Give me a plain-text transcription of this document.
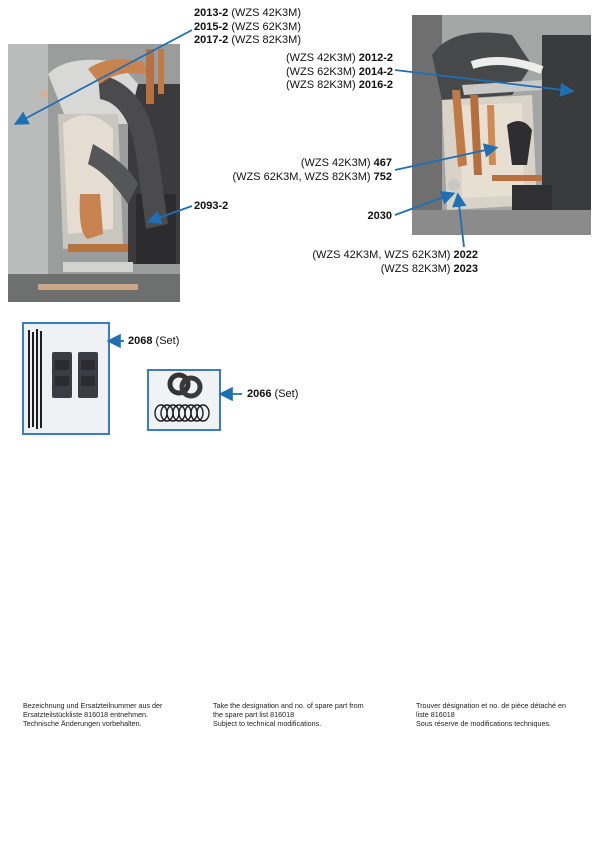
2013-2 (WZS 42K3M)
2015-2 (WZS 62K3M)
2017-2 (WZS 82K3M)
2093-2
(WZS 42K3M) 2012-2
(WZS 62K3M) 2014-2
(WZS 82K3M) 2016-2
(WZS 42K3M) 467
(WZS 62K3M, WZS 82K3M) 752
2030
(WZS 42K3M, WZS 62K3M) 2022
(WZS 82K3M) 2023
2068 (Set)
2066 (Set)
Bezeichnung und Ersatzteilnummer aus der
Ersatzteilstückliste 816018 entnehmen.
Technische Änderungen vorbehalten.
Take the designation and no. of spare part from
the spare part list 816018
Subject to technical modifications.
Trouver désignation et no. de pièce détaché en
liste 816018
Sous réserve de modifications techniques.
